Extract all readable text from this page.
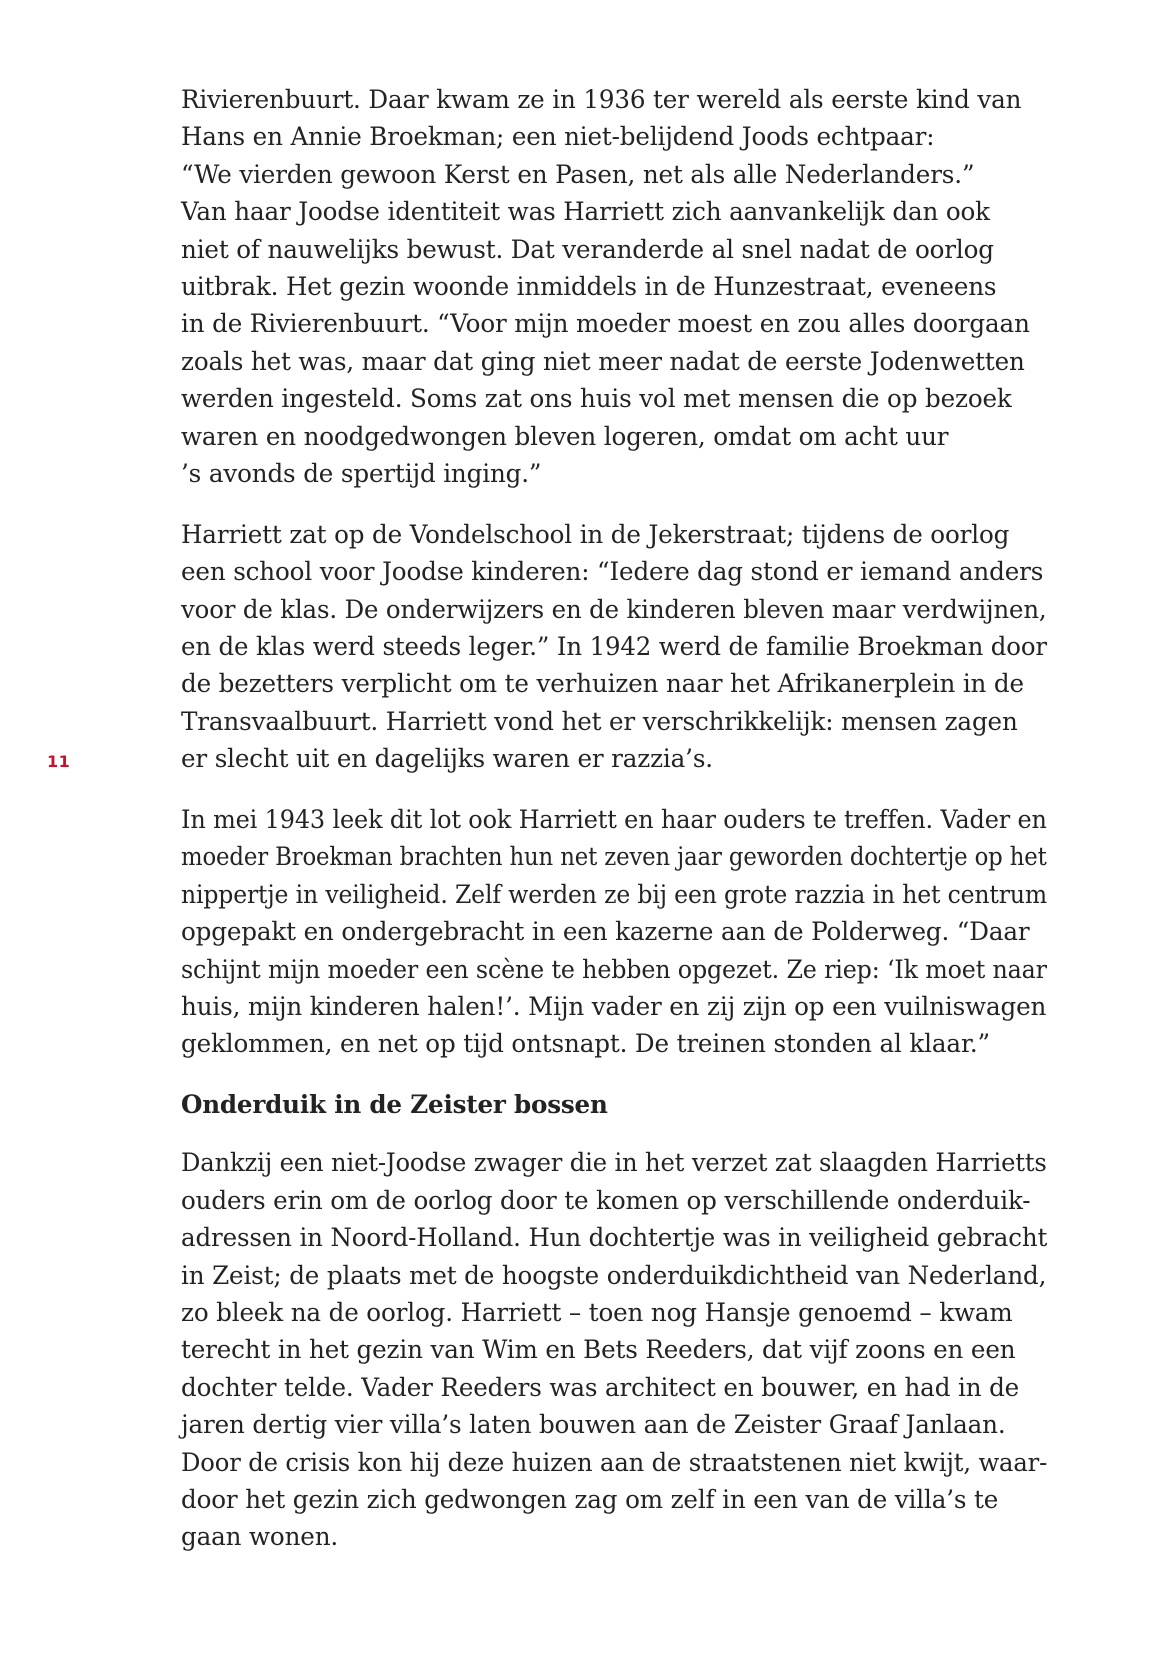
11

Rivierenbuurt. Daar kwam ze in 1936 ter wereld als eerste kind van
Hans en Annie Broekman; een niet-belijdend Joods echtpaar:
“We vierden gewoon Kerst en Pasen, net als alle Nederlanders.”
Van haar Joodse identiteit was Harriett zich aanvankelijk dan ook
niet of nauwelijks bewust. Dat veranderde al snel nadat de oorlog
uitbrak. Het gezin woonde inmiddels in de Hunzestraat, eveneens
in de Rivierenbuurt. “Voor mijn moeder moest en zou alles doorgaan
zoals het was, maar dat ging niet meer nadat de eerste Jodenwetten
werden ingesteld. Soms zat ons huis vol met mensen die op bezoek
waren en noodgedwongen bleven logeren, omdat om acht uur
’s avonds de spertijd inging.”

Harriett zat op de Vondelschool in de Jekerstraat; tijdens de oorlog
een school voor Joodse kinderen: “Iedere dag stond er iemand anders
voor de klas. De onderwijzers en de kinderen bleven maar verdwijnen,
en de klas werd steeds leger.” In 1942 werd de familie Broekman door
de bezetters verplicht om te verhuizen naar het Afrikanerplein in de
Transvaalbuurt. Harriett vond het er verschrikkelijk: mensen zagen
er slecht uit en dagelijks waren er razzia’s.

In mei 1943 leek dit lot ook Harriett en haar ouders te treffen. Vader en
moeder Broekman brachten hun net zeven jaar geworden dochtertje op het
nippertje in veiligheid. Zelf werden ze bij een grote razzia in het centrum
opgepakt en ondergebracht in een kazerne aan de Polderweg. “Daar
schijnt mijn moeder een scène te hebben opgezet. Ze riep: ‘Ik moet naar
huis, mijn kinderen halen!’. Mijn vader en zij zijn op een vuilniswagen
geklommen, en net op tijd ontsnapt. De treinen stonden al klaar.”

Onderduik in de Zeister bossen

Dankzij een niet-Joodse zwager die in het verzet zat slaagden Harrietts
ouders erin om de oorlog door te komen op verschillende onderduik-
adressen in Noord-Holland. Hun dochtertje was in veiligheid gebracht
in Zeist; de plaats met de hoogste onderduikdichtheid van Nederland,
zo bleek na de oorlog. Harriett – toen nog Hansje genoemd – kwam
terecht in het gezin van Wim en Bets Reeders, dat vijf zoons en een
dochter telde. Vader Reeders was architect en bouwer, en had in de
jaren dertig vier villa’s laten bouwen aan de Zeister Graaf Janlaan.
Door de crisis kon hij deze huizen aan de straatstenen niet kwijt, waar-
door het gezin zich gedwongen zag om zelf in een van de villa’s te
gaan wonen.
